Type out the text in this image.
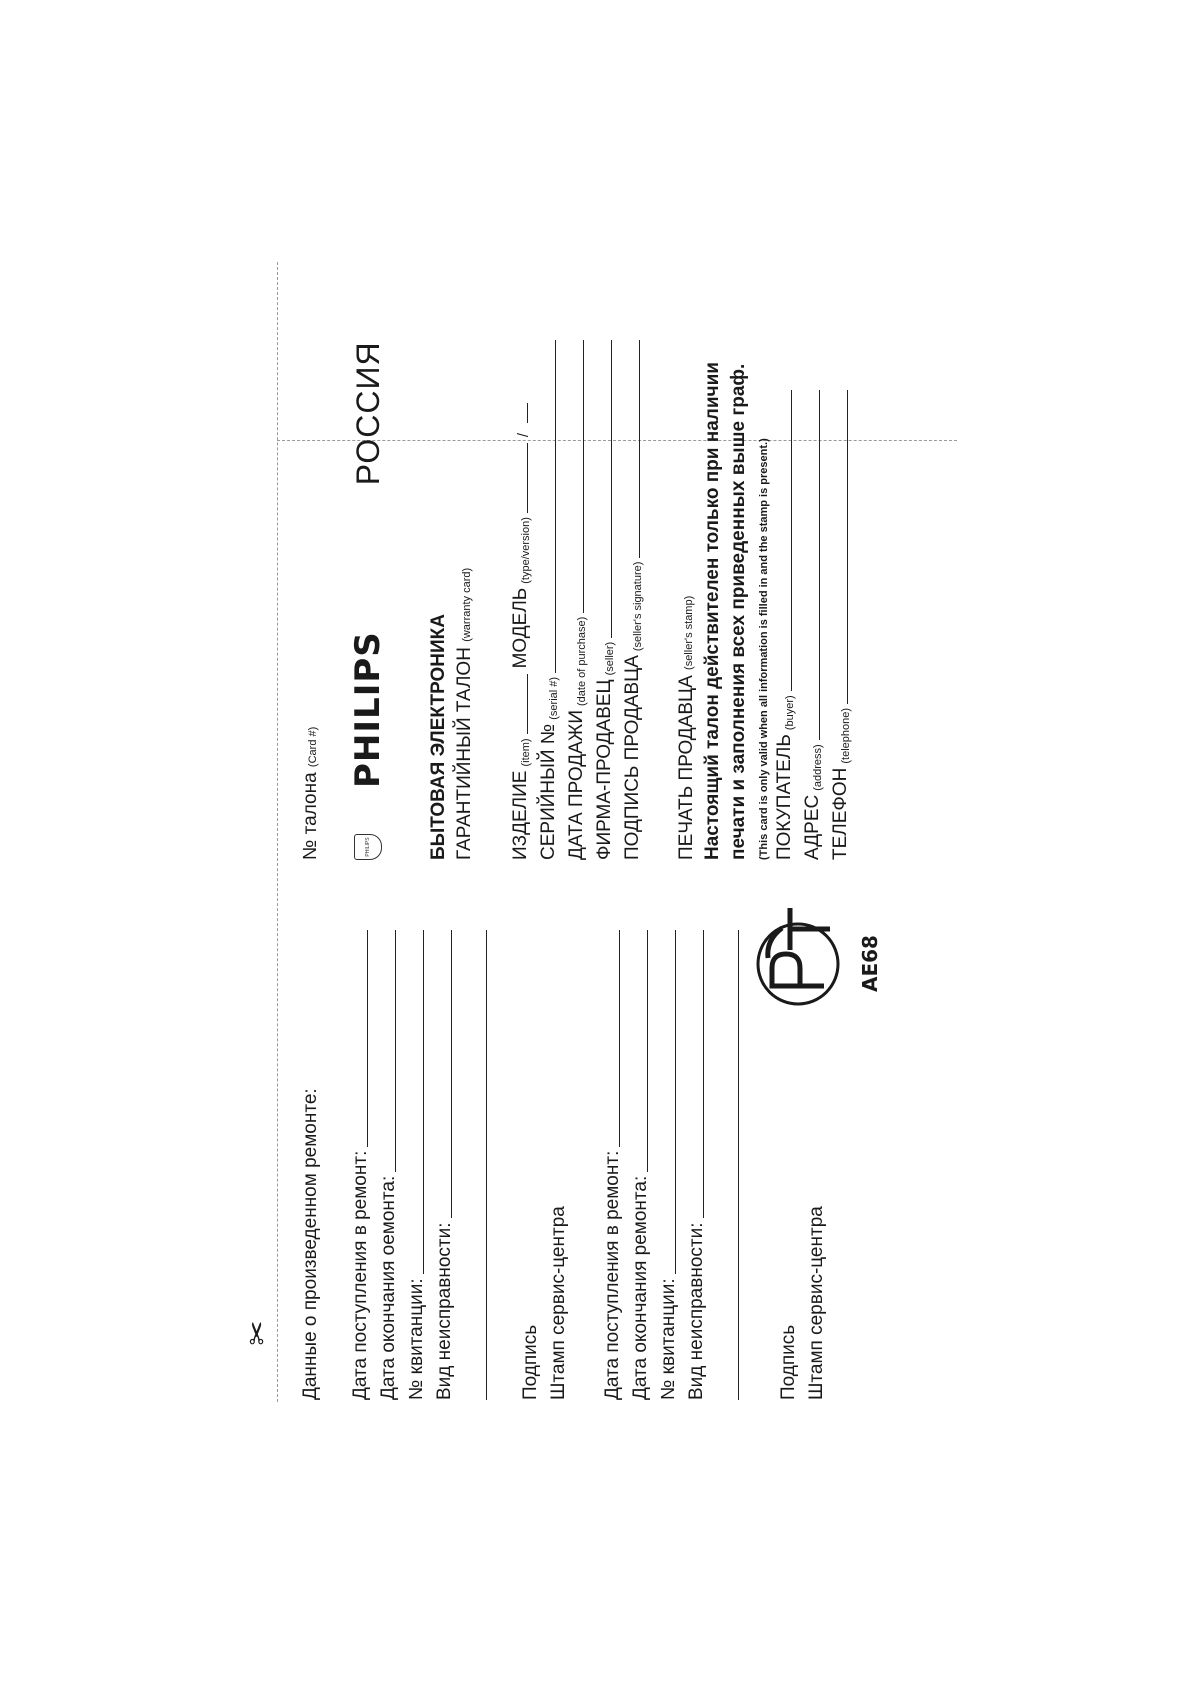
✂ Данные о произведенном ремонте: Дата поступления в ремонт: Дата окончания оемонта: № квитанции: Вид неисправности:	Подпись Штамп сервис-центра Дата поступления в ремонт: Дата окончания ремонта: № квитанции: Вид неисправности:	Подпись Штамп сервис-центра
PCT
AE68
№ талона (Card #)
PHILIPS
PHILIPS
РОССИЯ
БЫТОВАЯ ЭЛЕКТРОНИКА ГАРАНТИЙНЫЙ ТАЛОН (warranty card)
ИЗДЕЛИЕ
(item)
МОДЕЛЬ
(type/version)
/
СЕРИЙНЫЙ №
(serial #)
ДАТА ПРОДАЖИ
(date of purchase)
ФИРМА-ПРОДАВЕЦ
(seller) ПОДПИСЬ ПРОДАВЦА
(seller's signature)
ПЕЧАТЬ ПРОДАВЦА (seller's stamp) Настоящий талон действителен только при наличии печати и заполнения всех приведенных выше граф. (This card is only valid when all information is filled in and the stamp is present.) ПОКУПАТЕЛЬ
(buyer)
АДРЕС
(address)
ТЕЛЕФОН
(telephone)
